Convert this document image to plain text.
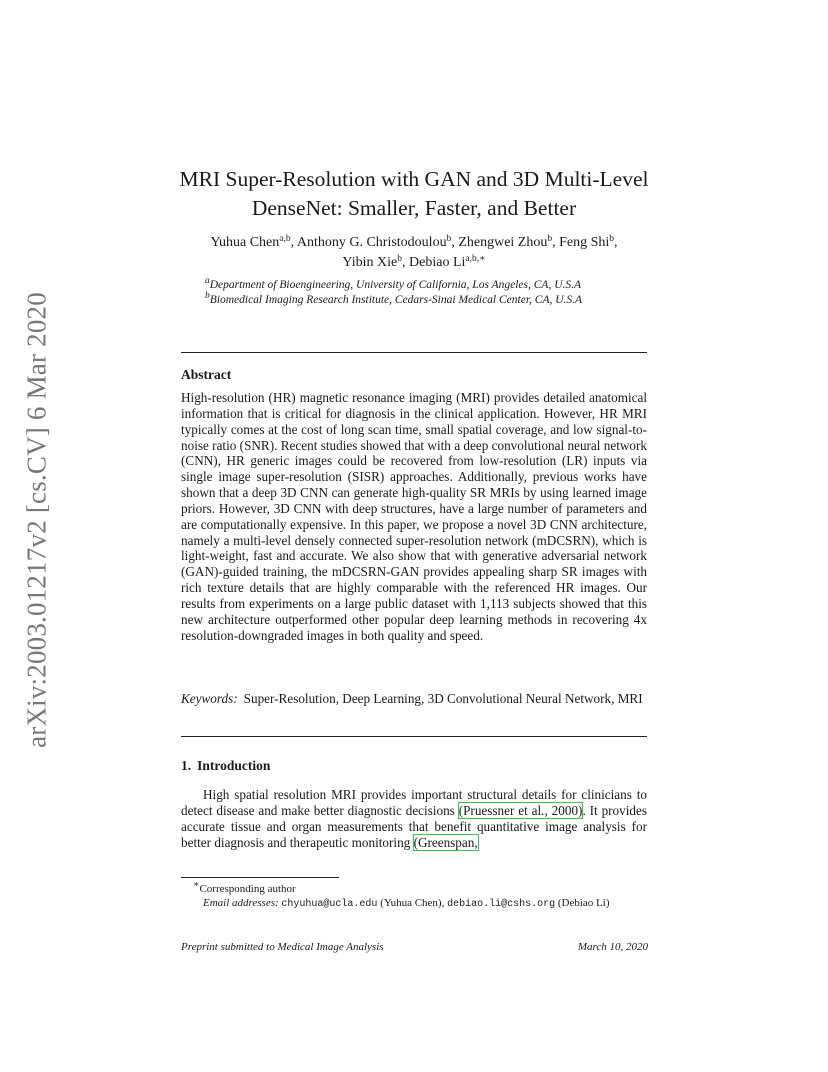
arXiv:2003.01217v2 [cs.CV] 6 Mar 2020
MRI Super-Resolution with GAN and 3D Multi-Level
DenseNet: Smaller, Faster, and Better
Yuhua Chen$^{a,b}$, Anthony G. Christodoulou$^b$, Zhengwei Zhou$^b$, Feng Shi$^b$,
Yibin Xie$^b$, Debiao $Li^{a,b,∗}$
$^a$Department of Bioengineering, University of California, Los Angeles, CA, U.S.A
$^b$Biomedical Imaging Research Institute, Cedars-Sinai Medical Center, CA, U.S.A
Abstract
High-resolution (HR) magnetic resonance imaging (MRI) provides detailed anatomical information that is critical for diagnosis in the clinical application. However, HR MRI typically comes at the cost of long scan time, small spatial coverage, and low signal-to-noise ratio (SNR). Recent studies showed that with a deep convolutional neural network (CNN), HR generic images could be recovered from low-resolution (LR) inputs via single image super-resolution (SISR) approaches. Additionally, previous works have shown that a deep 3D CNN can generate high-quality SR MRIs by using learned image priors. However, 3D CNN with deep structures, have a large number of parameters and are computationally expensive. In this paper, we propose a novel 3D CNN architecture, namely a multi-level densely connected super-resolution network (mDCSRN), which is light-weight, fast and accurate. We also show that with generative adversarial network (GAN)-guided training, the mDCSRN-GAN provides appealing sharp SR images with rich texture details that are highly comparable with the referenced HR images. Our results from experiments on a large public dataset with 1,113 subjects showed that this new architecture outperformed other popular deep learning methods in recovering 4x resolution-downgraded images in both quality and speed.
Keywords: Super-Resolution, Deep Learning, 3D Convolutional Neural Network, MRI
1. Introduction
High spatial resolution MRI provides important structural details for clinicians to detect disease and make better diagnostic decisions (Pruessner et al., 2000). It provides accurate tissue and organ measurements that benefit quantitative image analysis for better diagnosis and therapeutic monitoring (Greenspan,
∗Corresponding author
Email addresses: chyuhua@ucla.edu (Yuhua Chen), debiao.li@cshs.org (Debiao Li)
Preprint submitted to Medical Image Analysis	March 10, 2020
